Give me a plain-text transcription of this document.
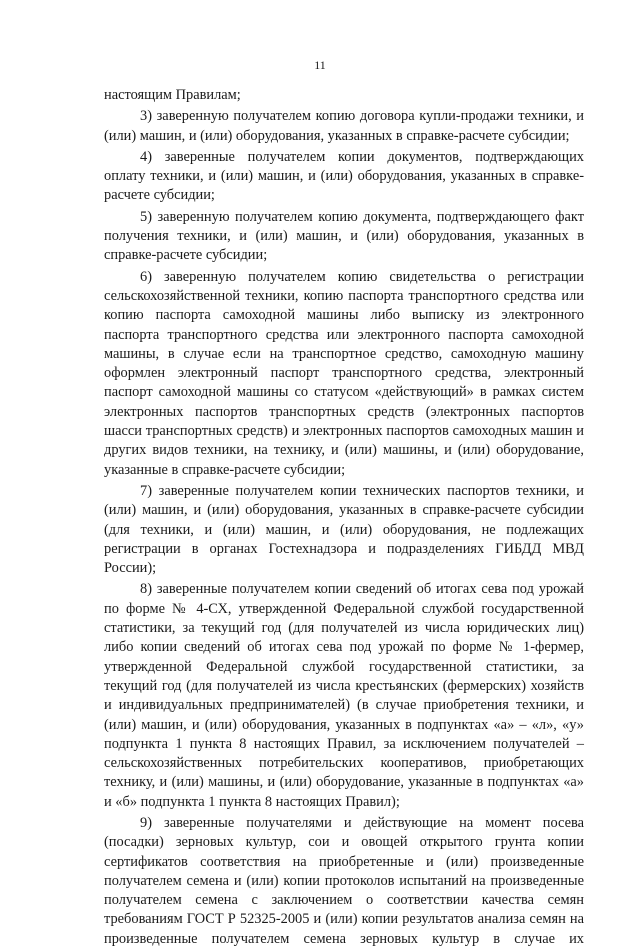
11
настоящим Правилам;
3) заверенную получателем копию договора купли-продажи техники, и
(или) машин, и (или) оборудования, указанных в справке-расчете субсидии;
4) заверенные получателем копии документов, подтверждающих
оплату техники, и (или) машин, и (или) оборудования, указанных в справке-
расчете субсидии;
5) заверенную получателем копию документа, подтверждающего факт
получения техники, и (или) машин, и (или) оборудования, указанных в
справке-расчете субсидии;
6) заверенную получателем копию свидетельства о регистрации
сельскохозяйственной техники, копию паспорта транспортного средства или
копию паспорта самоходной машины либо выписку из электронного
паспорта транспортного средства или электронного паспорта самоходной
машины, в случае если на транспортное средство, самоходную машину
оформлен электронный паспорт транспортного средства, электронный
паспорт самоходной машины со статусом «действующий» в рамках систем
электронных паспортов транспортных средств (электронных паспортов
шасси транспортных средств) и электронных паспортов самоходных машин и
других видов техники, на технику, и (или) машины, и (или) оборудование,
указанные в справке-расчете субсидии;
7) заверенные получателем копии технических паспортов техники, и
(или) машин, и (или) оборудования, указанных в справке-расчете субсидии
(для техники, и (или) машин, и (или) оборудования, не подлежащих
регистрации в органах Гостехнадзора и подразделениях ГИБДД МВД
России);
8) заверенные получателем копии сведений об итогах сева под урожай
по форме № 4-СХ, утвержденной Федеральной службой государственной
статистики, за текущий год (для получателей из числа юридических лиц)
либо копии сведений об итогах сева под урожай по форме № 1-фермер,
утвержденной Федеральной службой государственной статистики, за
текущий год (для получателей из числа крестьянских (фермерских) хозяйств
и индивидуальных предпринимателей) (в случае приобретения техники, и
(или) машин, и (или) оборудования, указанных в подпунктах «а» – «л», «у»
подпункта 1 пункта 8 настоящих Правил, за исключением получателей –
сельскохозяйственных потребительских кооперативов, приобретающих
технику, и (или) машины, и (или) оборудование, указанные в подпунктах «а»
и «б» подпункта 1 пункта 8 настоящих Правил);
9) заверенные получателями и действующие на момент посева
(посадки) зерновых культур, сои и овощей открытого грунта копии
сертификатов соответствия на приобретенные и (или) произведенные
получателем семена и (или) копии протоколов испытаний на произведенные
получателем семена с заключением о соответствии качества семян
требованиям ГОСТ Р 52325-2005 и (или) копии результатов анализа семян на
произведенные получателем семена зерновых культур в случае их
